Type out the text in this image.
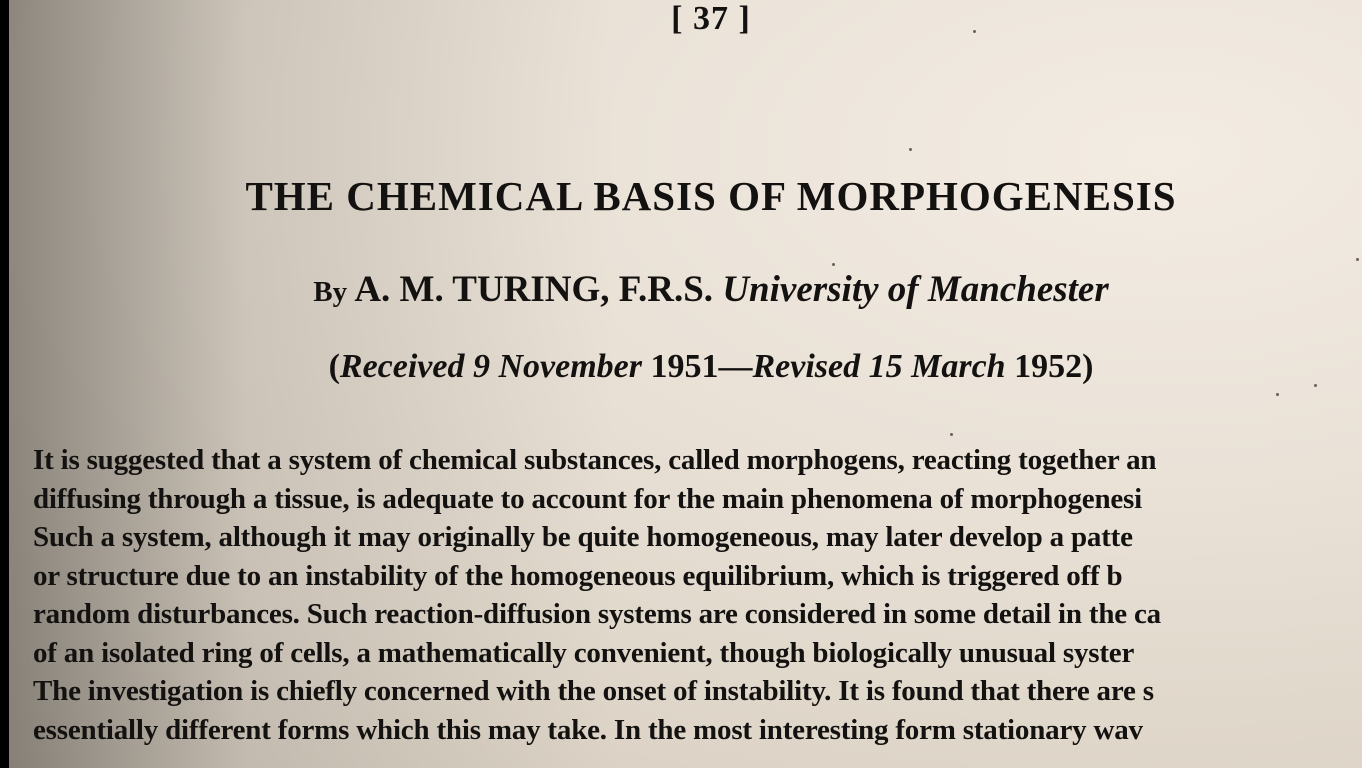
[ 37 ]
THE CHEMICAL BASIS OF MORPHOGENESIS
By A. M. TURING, F.R.S. University of Manchester
(Received 9 November 1951—Revised 15 March 1952)
It is suggested that a system of chemical substances, called morphogens, reacting together an
diffusing through a tissue, is adequate to account for the main phenomena of morphogenesi
Such a system, although it may originally be quite homogeneous, may later develop a patte
or structure due to an instability of the homogeneous equilibrium, which is triggered off b
random disturbances. Such reaction-diffusion systems are considered in some detail in the ca
of an isolated ring of cells, a mathematically convenient, though biologically unusual syster
The investigation is chiefly concerned with the onset of instability. It is found that there are s
essentially different forms which this may take. In the most interesting form stationary wav
